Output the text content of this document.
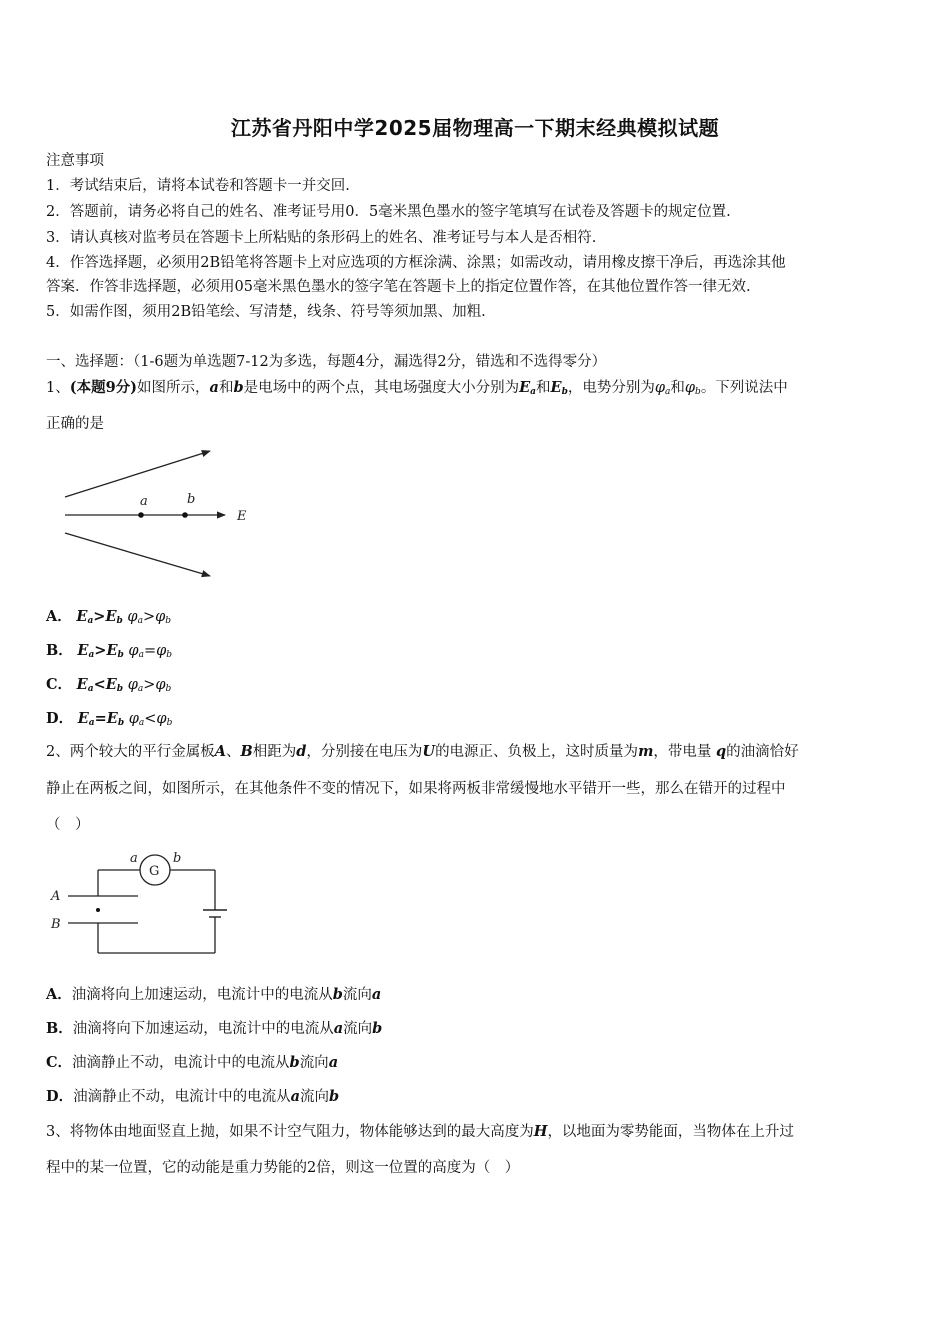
江苏省丹阳中学2025届物理高一下期末经典模拟试题
注意事项
1．考试结束后，请将本试卷和答题卡一并交回.
2．答题前，请务必将自己的姓名、准考证号用0．5毫米黑色墨水的签字笔填写在试卷及答题卡的规定位置.
3．请认真核对监考员在答题卡上所粘贴的条形码上的姓名、准考证号与本人是否相符.
4．作答选择题，必须用2B铅笔将答题卡上对应选项的方框涂满、涂黑；如需改动，请用橡皮擦干净后，再选涂其他
答案．作答非选择题，必须用05毫米黑色墨水的签字笔在答题卡上的指定位置作答，在其他位置作答一律无效.
5．如需作图，须用2B铅笔绘、写清楚，线条、符号等须加黑、加粗.
一、选择题：（1-6题为单选题7-12为多选，每题4分，漏选得2分，错选和不选得零分）
1、(本题9分)如图所示，a和b是电场中的两个点，其电场强度大小分别为$E_a$和$E_b$，电势分别为$\varphi_a$和$\varphi_b$。下列说法中
正确的是
a	b
E
A． $E_a>E_b$ $\varphi_a>\varphi_b$
B． $E_a>E_b$ $\varphi_a=\varphi_b$
C． $E_a<E_b$ $\varphi_a>\varphi_b$
D． $E_a=E_b$ $\varphi_a<\varphi_b$
2、两个较大的平行金属板A、B相距为d，分别接在电压为U的电源正、负极上，这时质量为m，带电量 q的油滴恰好
静止在两板之间，如图所示，在其他条件不变的情况下，如果将两板非常缓慢地水平错开一些，那么在错开的过程中
（　）
G
a	b
A
B
A．油滴将向上加速运动，电流计中的电流从b流向a
B．油滴将向下加速运动，电流计中的电流从a流向b
C．油滴静止不动，电流计中的电流从b流向a
D．油滴静止不动，电流计中的电流从a流向b
3、将物体由地面竖直上抛，如果不计空气阻力，物体能够达到的最大高度为H，以地面为零势能面，当物体在上升过
程中的某一位置，它的动能是重力势能的2倍，则这一位置的高度为（　）
